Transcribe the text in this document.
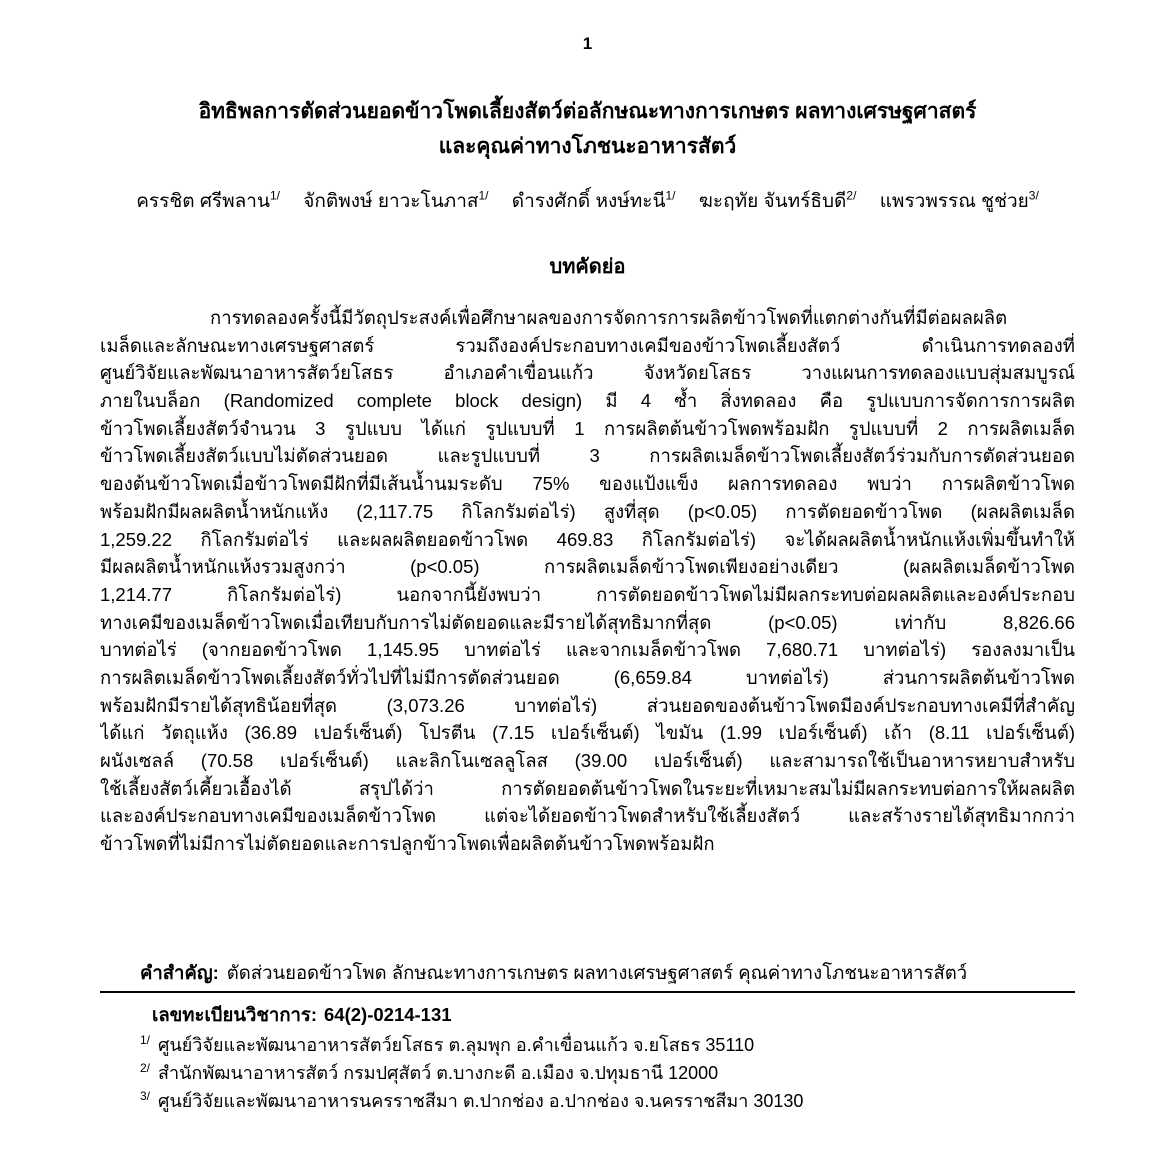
1
อิทธิพลการตัดส่วนยอดข้าวโพดเลี้ยงสัตว์ต่อลักษณะทางการเกษตร ผลทางเศรษฐศาสตร์
และคุณค่าทางโภชนะอาหารสัตว์
ครรชิต ศรีพลาน$^{1/}$ จักติพงษ์ ยาวะโนภาส$^{1/}$ ดำรงศักดิ์ หงษ์ทะนี$^{1/}$ ฆะฤทัย จันทร์ธิบดี$^{2/}$ แพรวพรรณ ชูช่วย$^{3/}$
บทคัดย่อ
การทดลองครั้งนี้มีวัตถุประสงค์เพื่อศึกษาผลของการจัดการการผลิตข้าวโพดที่แตกต่างกันที่มีต่อผลผลิต
เมล็ดและลักษณะทางเศรษฐศาสตร์ รวมถึงองค์ประกอบทางเคมีของข้าวโพดเลี้ยงสัตว์ ดำเนินการทดลองที่
ศูนย์วิจัยและพัฒนาอาหารสัตว์ยโสธร อำเภอคำเขื่อนแก้ว จังหวัดยโสธร วางแผนการทดลองแบบสุ่มสมบูรณ์
ภายในบล็อก (Randomized complete block design) มี 4 ซ้ำ สิ่งทดลอง คือ รูปแบบการจัดการการผลิต
ข้าวโพดเลี้ยงสัตว์จำนวน 3 รูปแบบ ได้แก่ รูปแบบที่ 1 การผลิตต้นข้าวโพดพร้อมฝัก รูปแบบที่ 2 การผลิตเมล็ด
ข้าวโพดเลี้ยงสัตว์แบบไม่ตัดส่วนยอด และรูปแบบที่ 3 การผลิตเมล็ดข้าวโพดเลี้ยงสัตว์ร่วมกับการตัดส่วนยอด
ของต้นข้าวโพดเมื่อข้าวโพดมีฝักที่มีเส้นน้ำนมระดับ 75% ของแป้งแข็ง ผลการทดลอง พบว่า การผลิตข้าวโพด
พร้อมฝักมีผลผลิตน้ำหนักแห้ง (2,117.75 กิโลกรัมต่อไร่) สูงที่สุด (p<0.05) การตัดยอดข้าวโพด (ผลผลิตเมล็ด
1,259.22 กิโลกรัมต่อไร่ และผลผลิตยอดข้าวโพด 469.83 กิโลกรัมต่อไร่) จะได้ผลผลิตน้ำหนักแห้งเพิ่มขึ้นทำให้
มีผลผลิตน้ำหนักแห้งรวมสูงกว่า (p<0.05) การผลิตเมล็ดข้าวโพดเพียงอย่างเดียว (ผลผลิตเมล็ดข้าวโพด
1,214.77 กิโลกรัมต่อไร่) นอกจากนี้ยังพบว่า การตัดยอดข้าวโพดไม่มีผลกระทบต่อผลผลิตและองค์ประกอบ
ทางเคมีของเมล็ดข้าวโพดเมื่อเทียบกับการไม่ตัดยอดและมีรายได้สุทธิมากที่สุด (p<0.05) เท่ากับ 8,826.66
บาทต่อไร่ (จากยอดข้าวโพด 1,145.95 บาทต่อไร่ และจากเมล็ดข้าวโพด 7,680.71 บาทต่อไร่) รองลงมาเป็น
การผลิตเมล็ดข้าวโพดเลี้ยงสัตว์ทั่วไปที่ไม่มีการตัดส่วนยอด (6,659.84 บาทต่อไร่) ส่วนการผลิตต้นข้าวโพด
พร้อมฝักมีรายได้สุทธิน้อยที่สุด (3,073.26 บาทต่อไร่) ส่วนยอดของต้นข้าวโพดมีองค์ประกอบทางเคมีที่สำคัญ
ได้แก่ วัตถุแห้ง (36.89 เปอร์เซ็นต์) โปรตีน (7.15 เปอร์เซ็นต์) ไขมัน (1.99 เปอร์เซ็นต์) เถ้า (8.11 เปอร์เซ็นต์)
ผนังเซลล์ (70.58 เปอร์เซ็นต์) และลิกโนเซลลูโลส (39.00 เปอร์เซ็นต์) และสามารถใช้เป็นอาหารหยาบสำหรับ
ใช้เลี้ยงสัตว์เคี้ยวเอื้องได้ สรุปได้ว่า การตัดยอดต้นข้าวโพดในระยะที่เหมาะสมไม่มีผลกระทบต่อการให้ผลผลิต
และองค์ประกอบทางเคมีของเมล็ดข้าวโพด แต่จะได้ยอดข้าวโพดสำหรับใช้เลี้ยงสัตว์ และสร้างรายได้สุทธิมากกว่า
ข้าวโพดที่ไม่มีการไม่ตัดยอดและการปลูกข้าวโพดเพื่อผลิตต้นข้าวโพดพร้อมฝัก
คำสำคัญ: ตัดส่วนยอดข้าวโพด ลักษณะทางการเกษตร ผลทางเศรษฐศาสตร์ คุณค่าทางโภชนะอาหารสัตว์
เลขทะเบียนวิชาการ: 64(2)-0214-131
$^{1/}$ ศูนย์วิจัยและพัฒนาอาหารสัตว์ยโสธร ต.ลุมพุก อ.คำเขื่อนแก้ว จ.ยโสธร 35110
$^{2/}$ สำนักพัฒนาอาหารสัตว์ กรมปศุสัตว์ ต.บางกะดี อ.เมือง จ.ปทุมธานี 12000
$^{3/}$ ศูนย์วิจัยและพัฒนาอาหารนครราชสีมา ต.ปากช่อง อ.ปากช่อง จ.นครราชสีมา 30130
